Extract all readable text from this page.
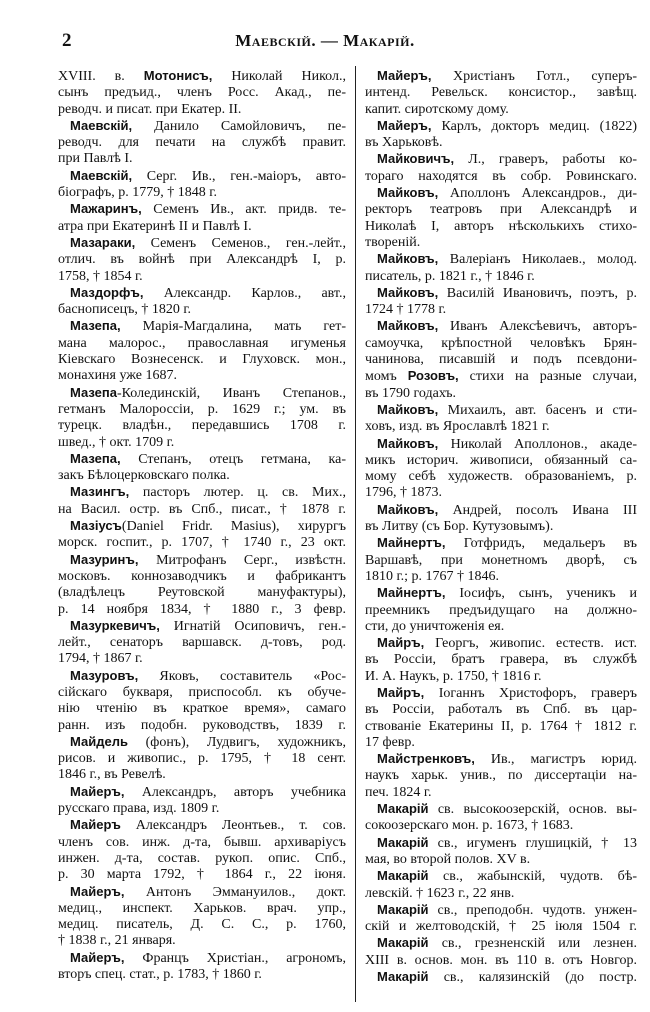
2	Маевскій. — Макарій.
XVIII. в. Мотонисъ, Николай Никол.,
сынъ предъид., членъ Росс. Акад., пе-
реводч. и писат. при Екатер. II.
Маевскій, Данило Самойловичъ, пе-
реводч. для печати на службѣ правит.
при Павлѣ I.
Маевскій, Серг. Ив., ген.-маіоръ, авто-
біографъ, р. 1779, † 1848 г.
Мажаринъ, Семенъ Ив., акт. придв. те-
атра при Екатеринѣ II и Павлѣ I.
Мазараки, Семенъ Семенов., ген.-лейт.,
отлич. въ войнѣ при Александрѣ I, р.
1758, † 1854 г.
Маздорфъ, Александр. Карлов., авт.,
баснописецъ, † 1820 г.
Мазепа, Марія-Магдалина, мать гет-
мана малорос., православная игуменья
Кіевскаго Вознесенск. и Глуховск. мон.,
монахиня уже 1687.
Мазепа-Колединскій, Иванъ Степанов.,
гетманъ Малороссіи, р. 1629 г.; ум. въ
турецк. владѣн., передавшись 1708 г.
швед., † окт. 1709 г.
Мазепа, Степанъ, отецъ гетмана, ка-
закъ Бѣлоцерковскаго полка.
Мазингъ, пасторъ лютер. ц. св. Мих.,
на Васил. остр. въ Спб., писат., † 1878 г.
Мазіусъ(Daniel Fridr. Masius), хирургъ
морск. госпит., р. 1707, † 1740 г., 23 окт.
Мазуринъ, Митрофанъ Серг., извѣстн.
московъ. коннозаводчикъ и фабрикантъ
(владѣлецъ Реутовской мануфактуры),
р. 14 ноября 1834, † 1880 г., 3 февр.
Мазуркевичъ, Игнатій Осиповичъ, ген.-
лейт., сенаторъ варшавск. д-товъ, род.
1794, † 1867 г.
Мазуровъ, Яковъ, составитель «Рос-
сійскаго букваря, приспособл. къ обуче-
нію чтенію въ краткое время», самаго
ранн. изъ подобн. руководствъ, 1839 г.
Майдель (фонъ), Лудвигъ, художникъ,
рисов. и живопис., р. 1795, † 18 сент.
1846 г., въ Ревелѣ.
Майеръ, Александръ, авторъ учебника
русскаго права, изд. 1809 г.
Майеръ Александръ Леонтьев., т. сов.
членъ сов. инж. д-та, бывш. архиваріусъ
инжен. д-та, состав. рукоп. опис. Спб.,
р. 30 марта 1792, † 1864 г., 22 іюня.
Майеръ, Антонъ Эммануилов., докт.
медиц., инспект. Харьков. врач. упр.,
медиц. писатель, Д. С. С., р. 1760,
† 1838 г., 21 января.
Майеръ, Францъ Христіан., агрономъ,
вторъ спец. стат., р. 1783, † 1860 г.
Майеръ, Христіанъ Готл., суперъ-
интенд. Ревельск. консистор., завѣщ.
капит. сиротскому дому.
Майеръ, Карлъ, докторъ медиц. (1822)
въ Харьковѣ.
Майковичъ, Л., граверъ, работы ко-
тораго находятся въ собр. Ровинскаго.
Майковъ, Аполлонъ Александров., ди-
ректоръ театровъ при Александрѣ и
Николаѣ I, авторъ нѣсколькихъ стихо-
твореній.
Майковъ, Валеріанъ Николаев., молод.
писатель, р. 1821 г., † 1846 г.
Майковъ, Василій Ивановичъ, поэтъ, р.
1724 † 1778 г.
Майковъ, Иванъ Алексѣевичъ, авторъ-
самоучка, крѣпостной человѣкъ Брян-
чанинова, писавшій и подъ псевдони-
момъ Розовъ, стихи на разные случаи,
въ 1790 годахъ.
Майковъ, Михаилъ, авт. басенъ и сти-
ховъ, изд. въ Ярославлѣ 1821 г.
Майковъ, Николай Аполлонов., акаде-
микъ историч. живописи, обязанный са-
мому себѣ художеств. образованіемъ, р.
1796, † 1873.
Майковъ, Андрей, посолъ Ивана III
въ Литву (съ Бор. Кутузовымъ).
Майнертъ, Готфридъ, медальеръ въ
Варшавѣ, при монетномъ дворѣ, съ
1810 г.; р. 1767 † 1846.
Майнертъ, Іосифъ, сынъ, ученикъ и
преемникъ предъидущаго на должно-
сти, до уничтоженія ея.
Майръ, Георгъ, живопис. естеств. ист.
въ Россіи, братъ гравера, въ службѣ
И. А. Наукъ, р. 1750, † 1816 г.
Майръ, Іоганнъ Христофоръ, граверъ
въ Россіи, работалъ въ Спб. въ цар-
ствованіе Екатерины II, р. 1764 † 1812 г.
17 февр.
Майстренковъ, Ив., магистръ юрид.
наукъ харьк. унив., по диссертаціи на-
печ. 1824 г.
Макарій св. высокоозерскій, основ. вы-
сокоозерскаго мон. р. 1673, † 1683.
Макарій св., игуменъ глушицкій, † 13
мая, во второй полов. XV в.
Макарій св., жабынскій, чудотв. бѣ-
левскій. † 1623 г., 22 янв.
Макарій св., преподобн. чудотв. унжен-
скій и желтоводскій, † 25 іюля 1504 г.
Макарій св., грезненскій или лезнен.
XIII в. основ. мон. въ 110 в. отъ Новгор.
Макарій св., калязинскій (до постр.
